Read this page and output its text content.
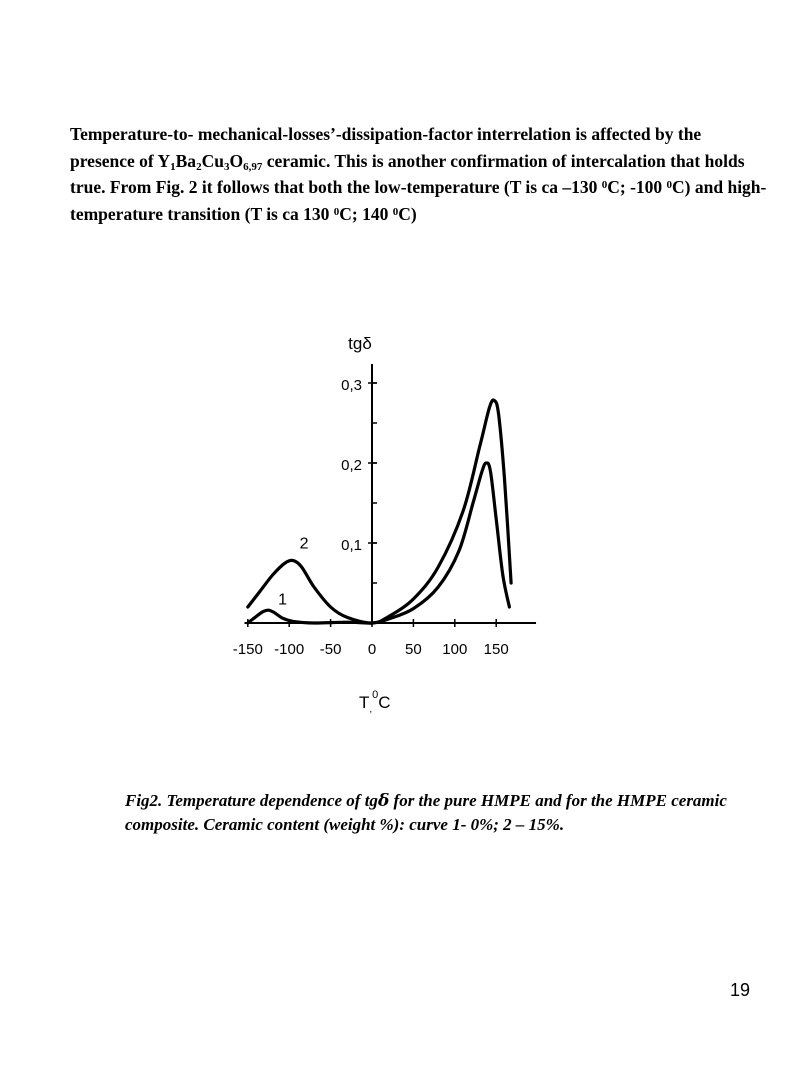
Temperature-to- mechanical-losses’-dissipation-factor interrelation is affected by the presence of $Y_1Ba_2Cu_3O_{6,97}$ ceramic. This is another confirmation of intercalation that holds true. From Fig. 2 it follows that both the low-temperature (T is ca –130 $^0$C; -100 $^0$C) and high-temperature transition (T is ca 130 $^0$C; 140 $^0$C)

tgδ
$T_,^0C$
0,1
0,2
0,3
-150 -100 -50 0 50 100 150
1
2

Fig2. Temperature dependence of tgδ for the pure HMPE and for the HMPE ceramic composite. Ceramic content (weight %): curve 1- 0%; 2 – 15%.

19
